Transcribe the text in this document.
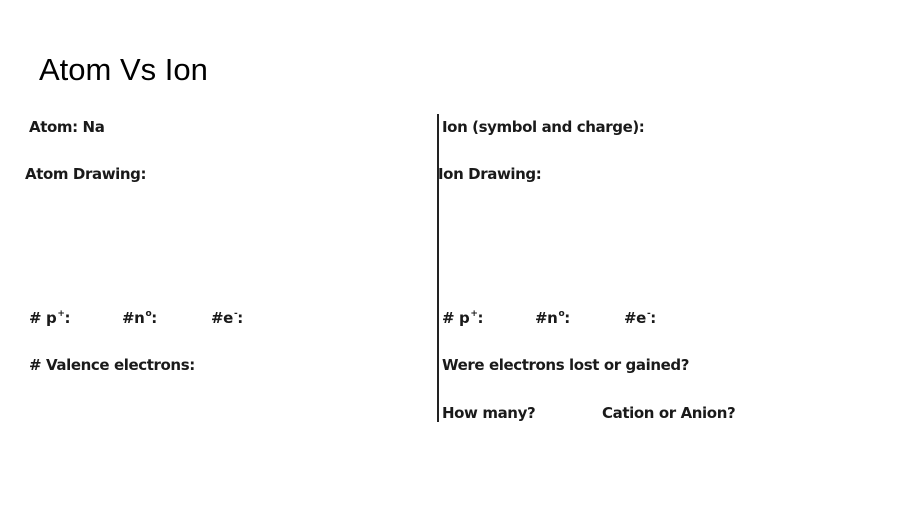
Atom Vs Ion
Atom: Na
Atom Drawing:
# p+:	$\#n^o$:	#e-:
# Valence electrons:
Ion (symbol and charge):
Ion Drawing:
# p+:	$\#n^o$:	#e-:
Were electrons lost or gained?
How many?	Cation or Anion?
